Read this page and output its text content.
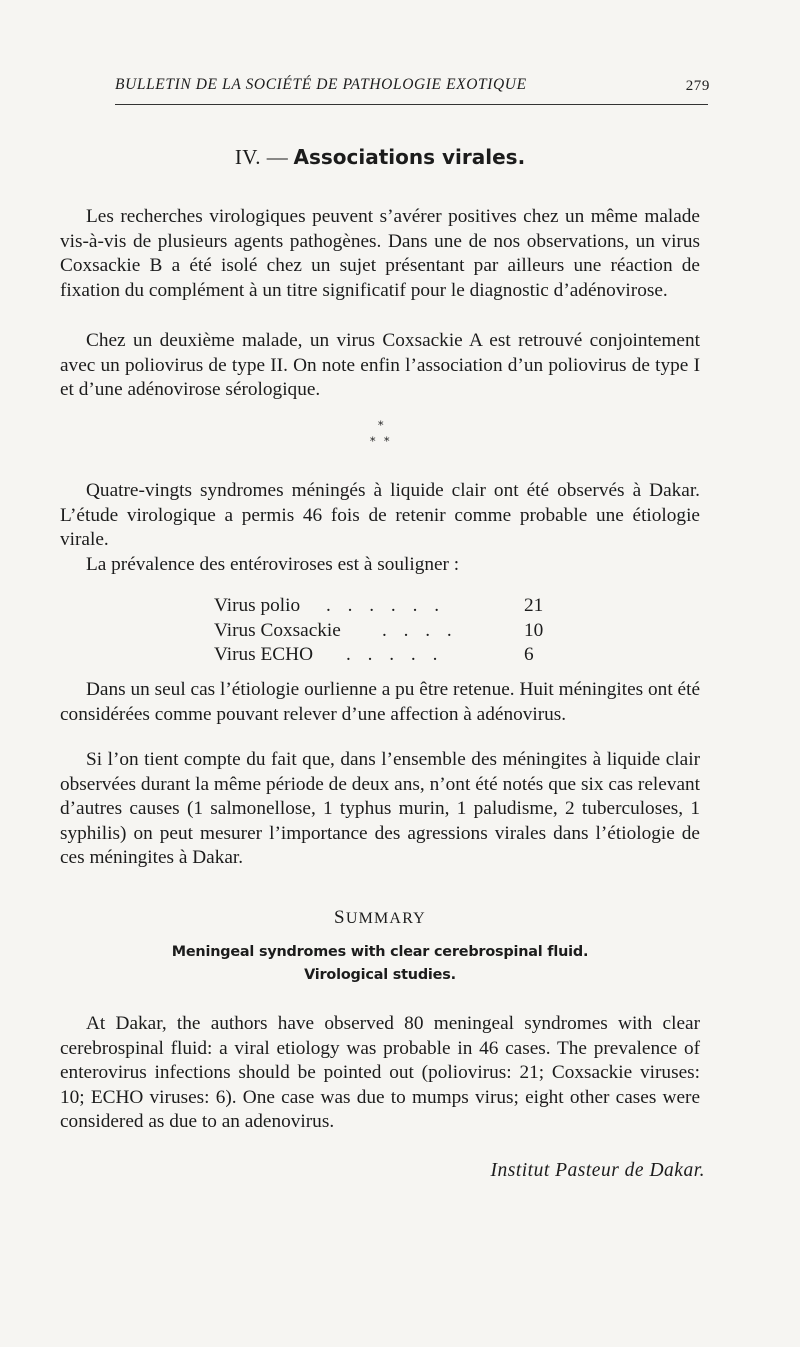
BULLETIN DE LA SOCIÉTÉ DE PATHOLOGIE EXOTIQUE	279
IV. — Associations virales.

Les recherches virologiques peuvent s’avérer positives chez un même malade vis-à-vis de plusieurs agents pathogènes. Dans une de nos observations, un virus Coxsackie B a été isolé chez un sujet présentant par ailleurs une réaction de fixation du complément à un titre significatif pour le diagnostic d’adénovirose.

Chez un deuxième malade, un virus Coxsackie A est retrouvé conjointement avec un poliovirus de type II. On note enfin l’association d’un poliovirus de type I et d’une adénovirose sérologique.

*
* *

Quatre-vingts syndromes méningés à liquide clair ont été observés à Dakar. L’étude virologique a permis 46 fois de retenir comme probable une étiologie virale.

La prévalence des entéroviroses est à souligner :

Virus polio . . . . . .	21
Virus Coxsackie . . . .	10
Virus ECHO . . . . .	6

Dans un seul cas l’étiologie ourlienne a pu être retenue. Huit méningites ont été considérées comme pouvant relever d’une affection à adénovirus.

Si l’on tient compte du fait que, dans l’ensemble des méningites à liquide clair observées durant la même période de deux ans, n’ont été notés que six cas relevant d’autres causes (1 salmonellose, 1 typhus murin, 1 paludisme, 2 tuberculoses, 1 syphilis) on peut mesurer l’importance des agressions virales dans l’étiologie de ces méningites à Dakar.

SUMMARY
Meningeal syndromes with clear cerebrospinal fluid.
Virological studies.

At Dakar, the authors have observed 80 meningeal syndromes with clear cerebrospinal fluid: a viral etiology was probable in 46 cases. The prevalence of enterovirus infections should be pointed out (poliovirus: 21; Coxsackie viruses: 10; ECHO viruses: 6). One case was due to mumps virus; eight other cases were considered as due to an adenovirus.

Institut Pasteur de Dakar.
